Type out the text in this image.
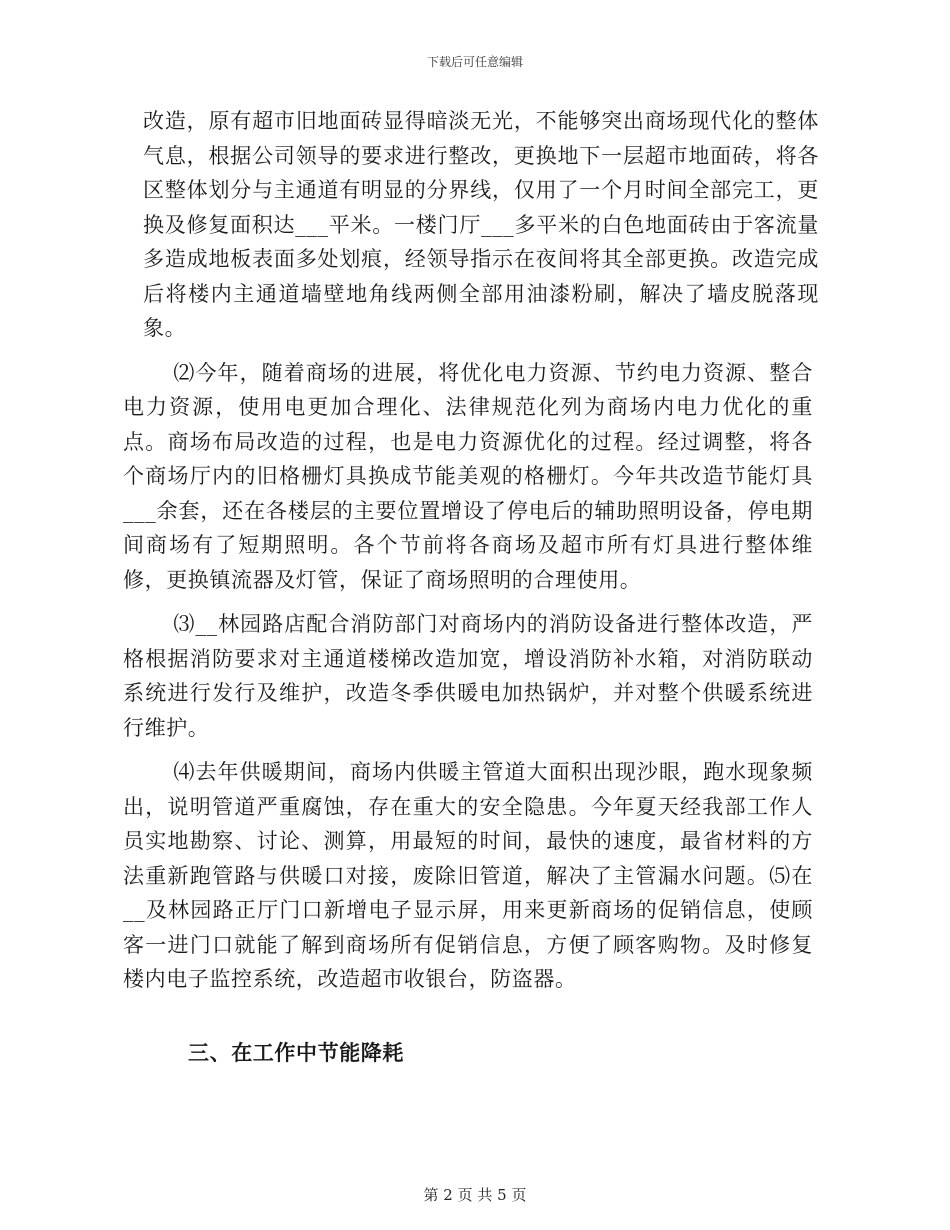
下载后可任意编辑

改造，原有超市旧地面砖显得暗淡无光，不能够突出商场现代化的整体气息，根据公司领导的要求进行整改，更换地下一层超市地面砖，将各区整体划分与主通道有明显的分界线，仅用了一个月时间全部完工，更换及修复面积达___平米。一楼门厅___多平米的白色地面砖由于客流量多造成地板表面多处划痕，经领导指示在夜间将其全部更换。改造完成后将楼内主通道墙壁地角线两侧全部用油漆粉刷，解决了墙皮脱落现象。

⑵今年，随着商场的进展，将优化电力资源、节约电力资源、整合电力资源，使用电更加合理化、法律规范化列为商场内电力优化的重点。商场布局改造的过程，也是电力资源优化的过程。经过调整，将各个商场厅内的旧格栅灯具换成节能美观的格栅灯。今年共改造节能灯具___余套，还在各楼层的主要位置增设了停电后的辅助照明设备，停电期间商场有了短期照明。各个节前将各商场及超市所有灯具进行整体维修，更换镇流器及灯管，保证了商场照明的合理使用。

⑶__林园路店配合消防部门对商场内的消防设备进行整体改造，严格根据消防要求对主通道楼梯改造加宽，增设消防补水箱，对消防联动系统进行发行及维护，改造冬季供暖电加热锅炉，并对整个供暖系统进行维护。

⑷去年供暖期间，商场内供暖主管道大面积出现沙眼，跑水现象频出，说明管道严重腐蚀，存在重大的安全隐患。今年夏天经我部工作人员实地勘察、讨论、测算，用最短的时间，最快的速度，最省材料的方法重新跑管路与供暖口对接，废除旧管道，解决了主管漏水问题。⑸在__及林园路正厅门口新增电子显示屏，用来更新商场的促销信息，使顾客一进门口就能了解到商场所有促销信息，方便了顾客购物。及时修复楼内电子监控系统，改造超市收银台，防盗器。

三、在工作中节能降耗
第 2 页 共 5 页
